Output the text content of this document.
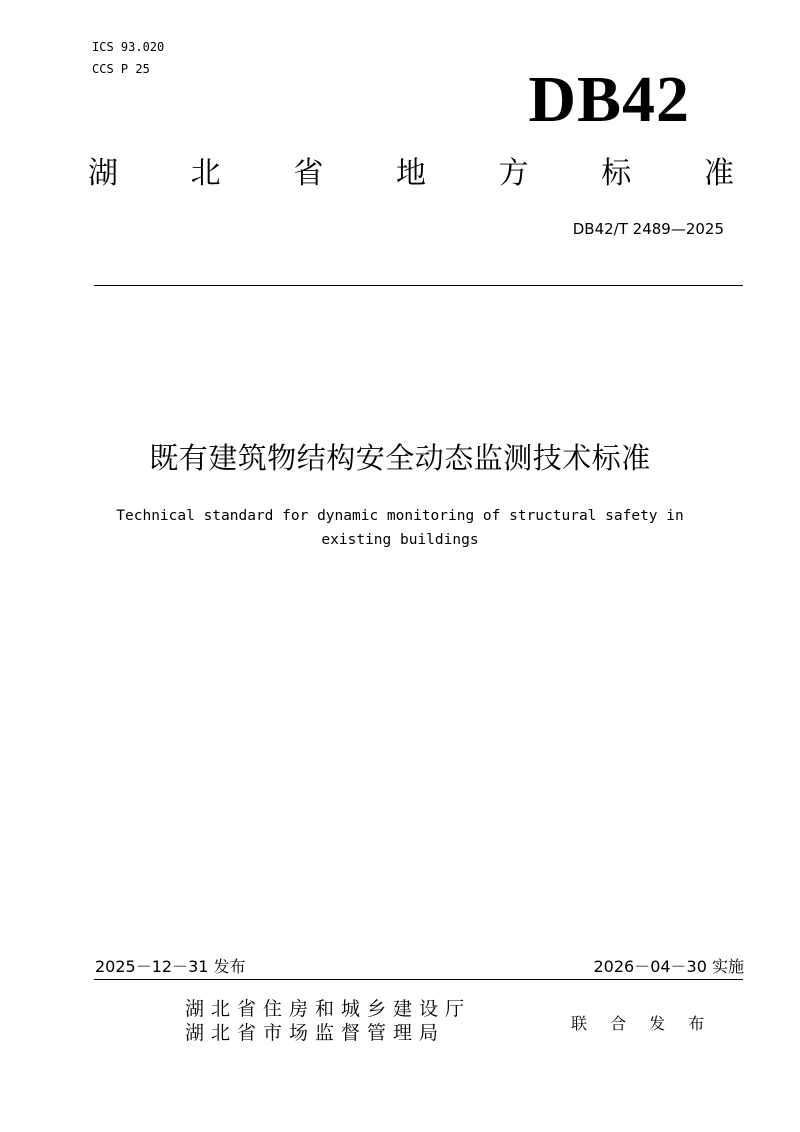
ICS 93.020
CCS P 25	DB42
湖 北 省 地 方 标 准
DB42/T 2489—2025
既有建筑物结构安全动态监测技术标准
Technical standard for dynamic monitoring of structural safety in existing buildings
2025－12－31 发布	2026－04－30 实施
湖北省住房和城乡建设厅
湖北省市场监督管理局	联 合 发 布
